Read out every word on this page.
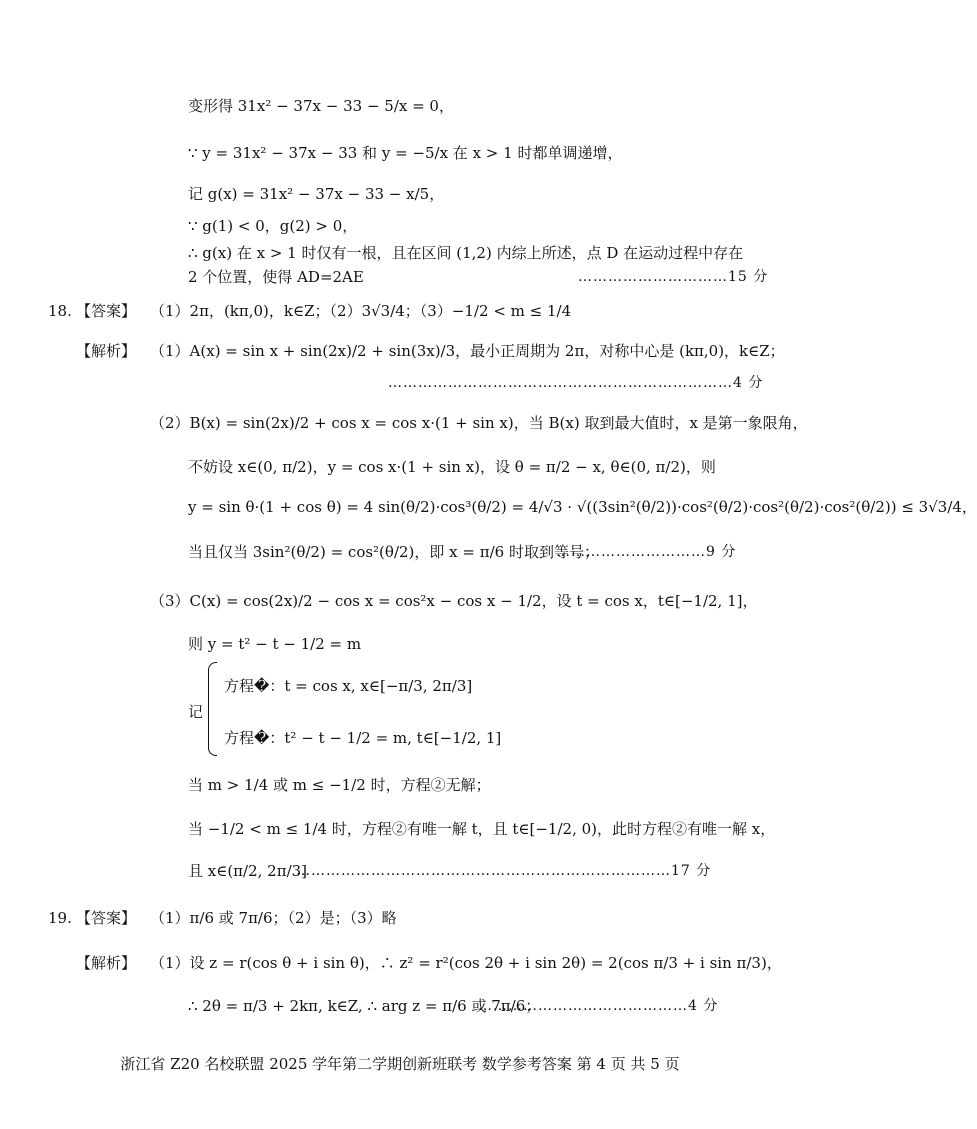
变形得 31x² − 37x − 33 − 5/x = 0，
∵ y = 31x² − 37x − 33 和 y = −5/x 在 x > 1 时都单调递增，
记 g(x) = 31x² − 37x − 33 − x/5，
∵ g(1) < 0，g(2) > 0，
∴ g(x) 在 x > 1 时仅有一根，且在区间 (1,2) 内综上所述，点 D 在运动过程中存在
2 个位置，使得 AD=2AE	…………………………15 分
18. 【答案】 （1）2π，(kπ,0)，k∈Z；（2）3√3/4；（3）−1/2 < m ≤ 1/4
【解析】 （1）A(x) = sin x + sin(2x)/2 + sin(3x)/3，最小正周期为 2π，对称中心是 (kπ,0)，k∈Z；
……………………………………………………………4 分
（2）B(x) = sin(2x)/2 + cos x = cos x·(1 + sin x)，当 B(x) 取到最大值时，x 是第一象限角，
不妨设 x∈(0, π/2)，y = cos x·(1 + sin x)，设 θ = π/2 − x, θ∈(0, π/2)，则
y = sin θ·(1 + cos θ) = 4 sin(θ/2)·cos³(θ/2) = 4/√3 · √((3sin²(θ/2))·cos²(θ/2)·cos²(θ/2)·cos²(θ/2)) ≤ 3√3/4，
当且仅当 3sin²(θ/2) = cos²(θ/2)，即 x = π/6 时取到等号；
…………………………9 分
（3）C(x) = cos(2x)/2 − cos x = cos²x − cos x − 1/2，设 t = cos x，t∈[−1/2, 1]，
则 y = t² − t − 1/2 = m
记
方程�：t = cos x, x∈[−π/3, 2π/3]
方程�：t² − t − 1/2 = m, t∈[−1/2, 1]
当 m > 1/4 或 m ≤ −1/2 时，方程②无解；
当 −1/2 < m ≤ 1/4 时，方程②有唯一解 t，且 t∈[−1/2, 0)，此时方程②有唯一解 x，
且 x∈(π/2, 2π/3]
…………………………………………………………………17 分
19. 【答案】 （1）π/6 或 7π/6；（2）是；（3）略
【解析】 （1）设 z = r(cos θ + i sin θ)，∴ z² = r²(cos 2θ + i sin 2θ) = 2(cos π/3 + i sin π/3)，
∴ 2θ = π/3 + 2kπ, k∈Z, ∴ arg z = π/6 或 7π/6；
……………………………………4 分
浙江省 Z20 名校联盟 2025 学年第二学期创新班联考 数学参考答案 第 4 页 共 5 页
